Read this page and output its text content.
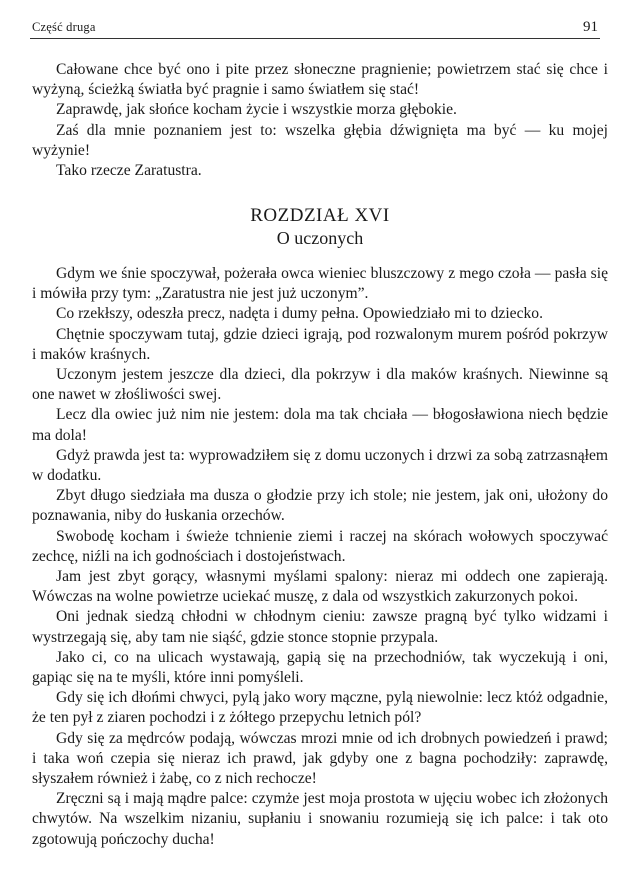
Część druga	91

Całowane chce być ono i pite przez słoneczne pragnienie; powietrzem stać się chce i wyżyną, ścieżką światła być pragnie i samo światłem się stać!

Zaprawdę, jak słońce kocham życie i wszystkie morza głębokie.

Zaś dla mnie poznaniem jest to: wszelka głębia dźwignięta ma być — ku mojej wyżynie!

Tako rzecze Zaratustra.

ROZDZIAŁ XVI
O uczonych

Gdym we śnie spoczywał, pożerała owca wieniec bluszczowy z mego czoła — pasła się i mówiła przy tym: „Zaratustra nie jest już uczonym”.

Co rzekłszy, odeszła precz, nadęta i dumy pełna. Opowiedziało mi to dziecko.

Chętnie spoczywam tutaj, gdzie dzieci igrają, pod rozwalonym murem pośród pokrzyw i maków kraśnych.

Uczonym jestem jeszcze dla dzieci, dla pokrzyw i dla maków kraśnych. Niewinne są one nawet w złośliwości swej.

Lecz dla owiec już nim nie jestem: dola ma tak chciała — błogosławiona niech będzie ma dola!

Gdyż prawda jest ta: wyprowadziłem się z domu uczonych i drzwi za sobą zatrzasnąłem w dodatku.

Zbyt długo siedziała ma dusza o głodzie przy ich stole; nie jestem, jak oni, ułożony do poznawania, niby do łuskania orzechów.

Swobodę kocham i świeże tchnienie ziemi i raczej na skórach wołowych spoczywać zechcę, niźli na ich godnościach i dostojeństwach.

Jam jest zbyt gorący, własnymi myślami spalony: nieraz mi oddech one zapierają. Wówczas na wolne powietrze uciekać muszę, z dala od wszystkich zakurzonych pokoi.

Oni jednak siedzą chłodni w chłodnym cieniu: zawsze pragną być tylko widzami i wystrzegają się, aby tam nie siąść, gdzie stonce stopnie przypala.

Jako ci, co na ulicach wystawają, gapią się na przechodniów, tak wyczekują i oni, gapiąc się na te myśli, które inni pomyśleli.

Gdy się ich dłońmi chwyci, pylą jako wory mączne, pylą niewolnie: lecz któż odgadnie, że ten pył z ziaren pochodzi i z żółtego przepychu letnich pól?

Gdy się za mędrców podają, wówczas mrozi mnie od ich drobnych powiedzeń i prawd; i taka woń czepia się nieraz ich prawd, jak gdyby one z bagna pochodziły: zaprawdę, słyszałem również i żabę, co z nich rechocze!

Zręczni są i mają mądre palce: czymże jest moja prostota w ujęciu wobec ich złożonych chwytów. Na wszelkim nizaniu, supłaniu i snowaniu rozumieją się ich palce: i tak oto zgotowują pończochy ducha!
